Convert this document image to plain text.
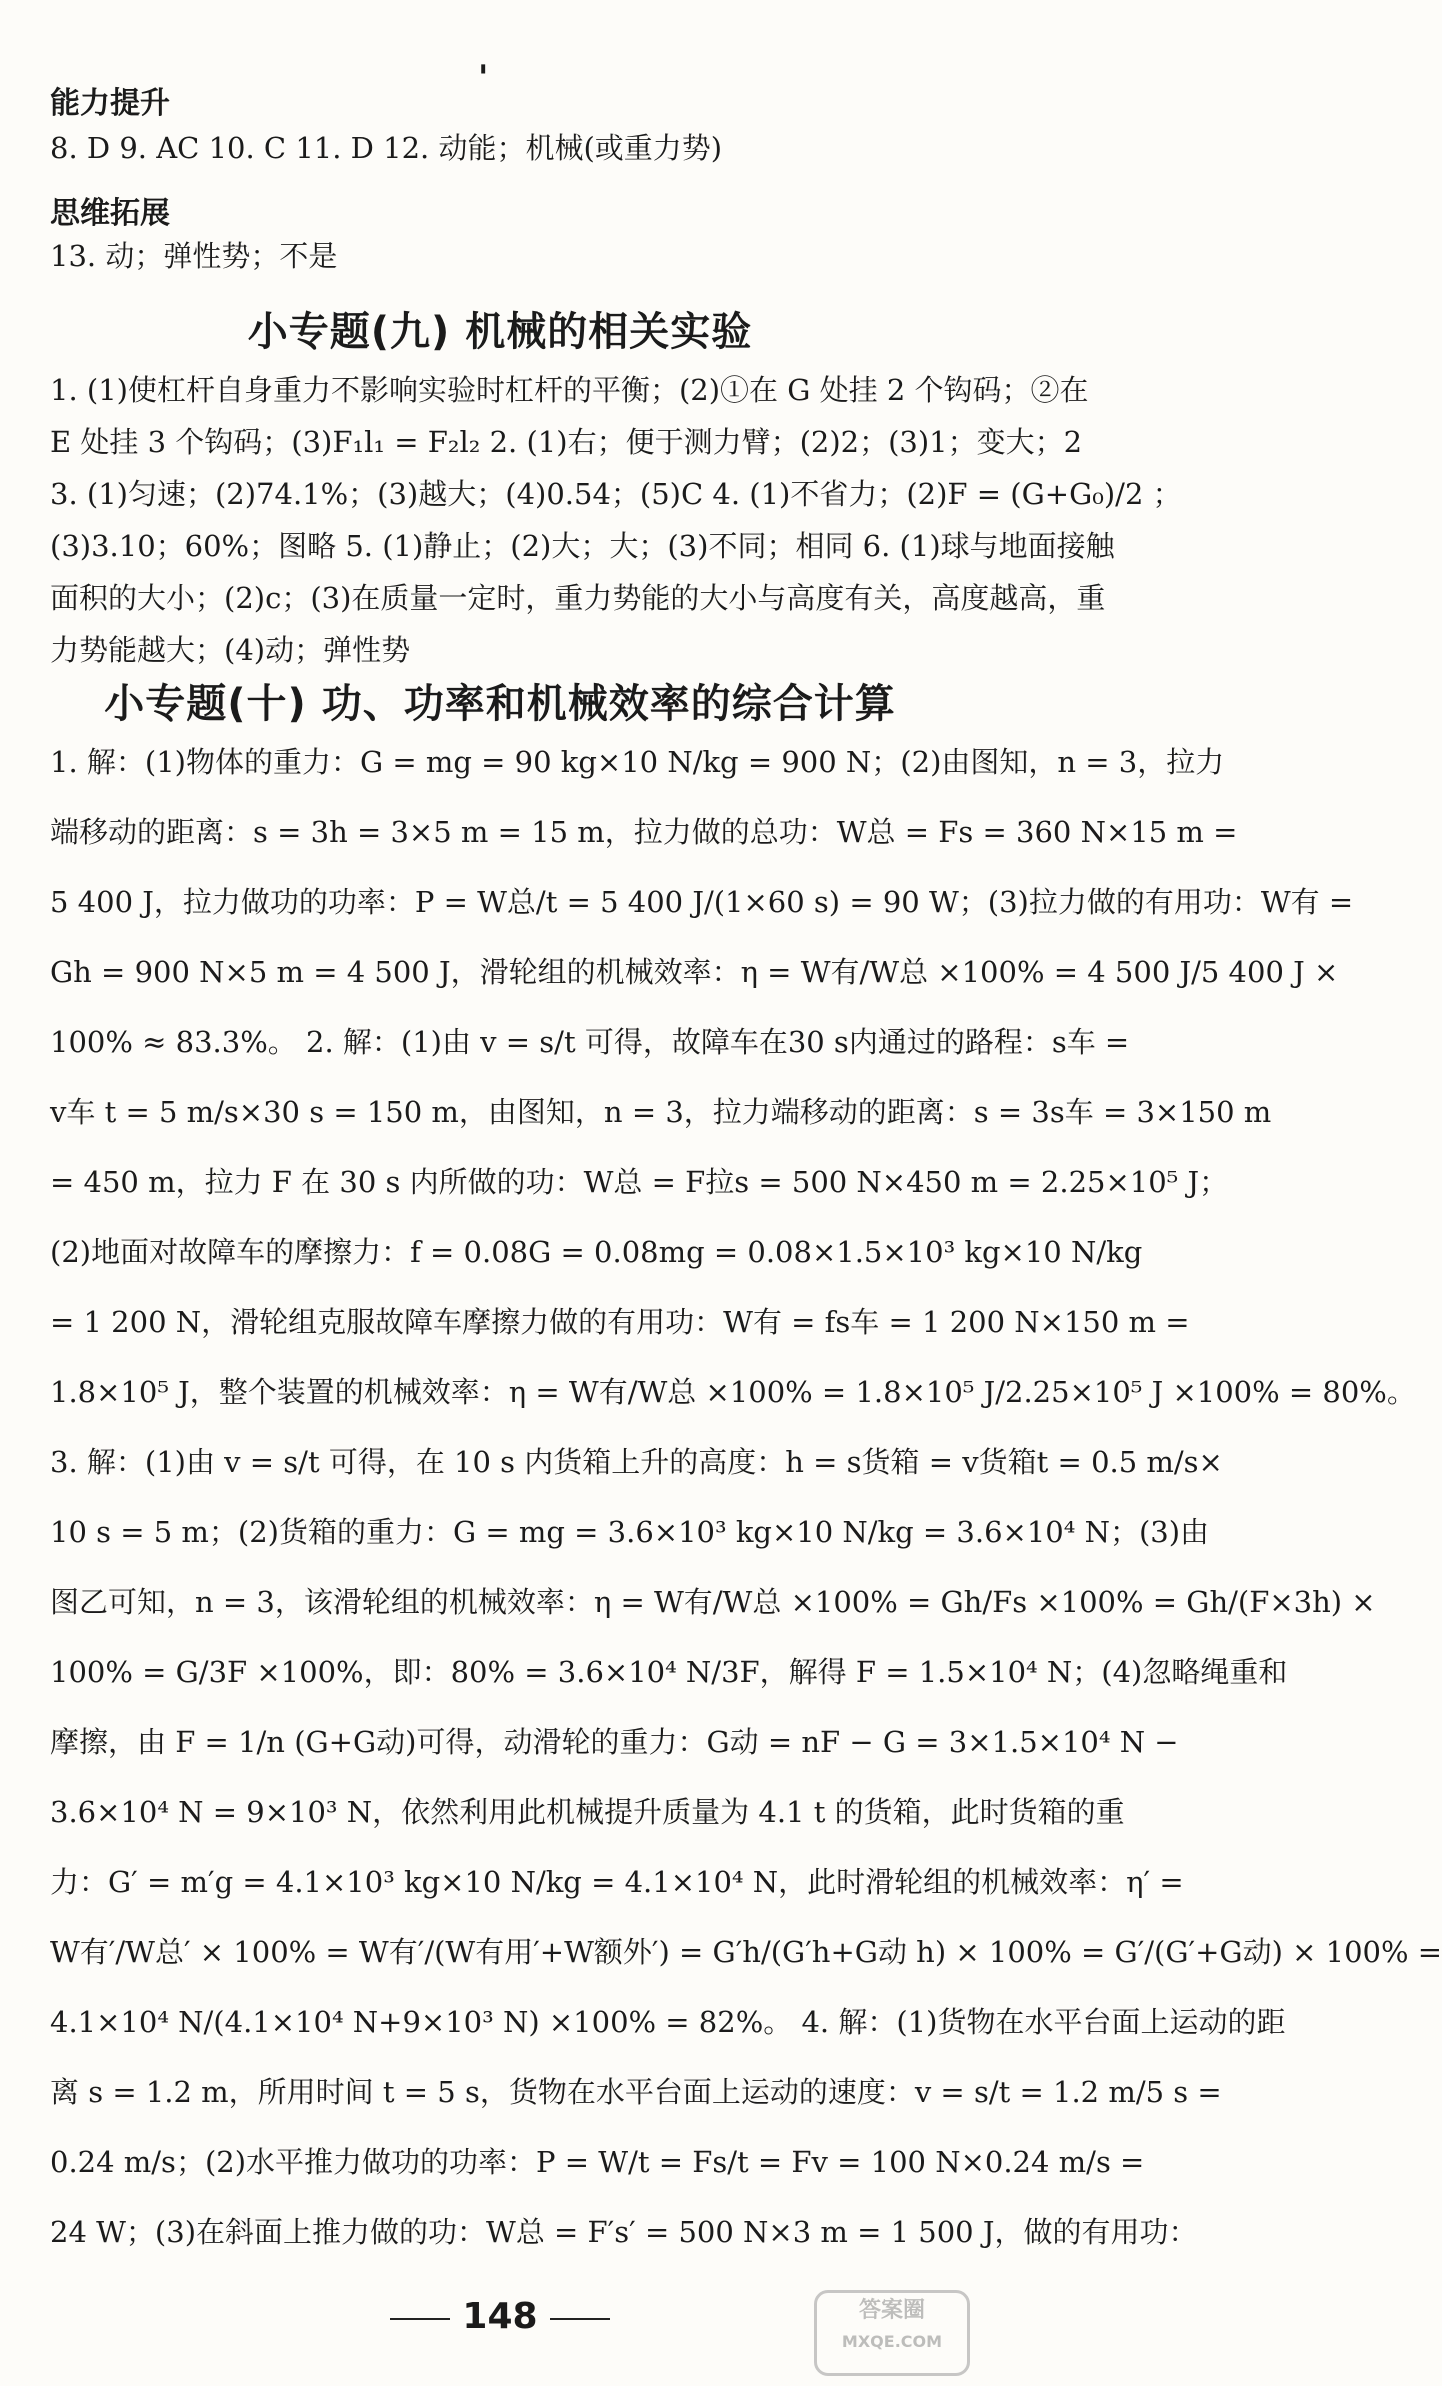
'
能力提升
8. D 9. AC 10. C 11. D 12. 动能；机械(或重力势)
思维拓展
13. 动；弹性势；不是
小专题(九) 机械的相关实验
1. (1)使杠杆自身重力不影响实验时杠杆的平衡；(2)①在 G 处挂 2 个钩码；②在
E 处挂 3 个钩码；(3)F₁l₁ = F₂l₂ 2. (1)右；便于测力臂；(2)2；(3)1；变大；2
3. (1)匀速；(2)74.1%；(3)越大；(4)0.54；(5)C 4. (1)不省力；(2)F = (G+G₀)/2 ；
(3)3.10；60%；图略 5. (1)静止；(2)大；大；(3)不同；相同 6. (1)球与地面接触
面积的大小；(2)c；(3)在质量一定时，重力势能的大小与高度有关，高度越高，重
力势能越大；(4)动；弹性势
小专题(十) 功、功率和机械效率的综合计算
1. 解：(1)物体的重力：G = mg = 90 kg×10 N/kg = 900 N；(2)由图知，n = 3，拉力
端移动的距离：s = 3h = 3×5 m = 15 m，拉力做的总功：W总 = Fs = 360 N×15 m =
5 400 J，拉力做功的功率：P = W总/t = 5 400 J/(1×60 s) = 90 W；(3)拉力做的有用功：W有 =
Gh = 900 N×5 m = 4 500 J，滑轮组的机械效率：η = W有/W总 ×100% = 4 500 J/5 400 J ×
100% ≈ 83.3%。 2. 解：(1)由 v = s/t 可得，故障车在30 s内通过的路程：s车 =
v车 t = 5 m/s×30 s = 150 m，由图知，n = 3，拉力端移动的距离：s = 3s车 = 3×150 m
= 450 m，拉力 F 在 30 s 内所做的功：W总 = F拉s = 500 N×450 m = 2.25×10⁵ J；
(2)地面对故障车的摩擦力：f = 0.08G = 0.08mg = 0.08×1.5×10³ kg×10 N/kg
= 1 200 N，滑轮组克服故障车摩擦力做的有用功：W有 = fs车 = 1 200 N×150 m =
1.8×10⁵ J，整个装置的机械效率：η = W有/W总 ×100% = 1.8×10⁵ J/2.25×10⁵ J ×100% = 80%。
3. 解：(1)由 v = s/t 可得，在 10 s 内货箱上升的高度：h = s货箱 = v货箱t = 0.5 m/s×
10 s = 5 m；(2)货箱的重力：G = mg = 3.6×10³ kg×10 N/kg = 3.6×10⁴ N；(3)由
图乙可知，n = 3，该滑轮组的机械效率：η = W有/W总 ×100% = Gh/Fs ×100% = Gh/(F×3h) ×
100% = G/3F ×100%，即：80% = 3.6×10⁴ N/3F，解得 F = 1.5×10⁴ N；(4)忽略绳重和
摩擦，由 F = 1/n (G+G动)可得，动滑轮的重力：G动 = nF − G = 3×1.5×10⁴ N −
3.6×10⁴ N = 9×10³ N，依然利用此机械提升质量为 4.1 t 的货箱，此时货箱的重
力：G′ = m′g = 4.1×10³ kg×10 N/kg = 4.1×10⁴ N，此时滑轮组的机械效率：η′ =
W有′/W总′ × 100% = W有′/(W有用′+W额外′) = G′h/(G′h+G动 h) × 100% = G′/(G′+G动) × 100% =
4.1×10⁴ N/(4.1×10⁴ N+9×10³ N) ×100% = 82%。 4. 解：(1)货物在水平台面上运动的距
离 s = 1.2 m，所用时间 t = 5 s，货物在水平台面上运动的速度：v = s/t = 1.2 m/5 s =
0.24 m/s；(2)水平推力做功的功率：P = W/t = Fs/t = Fv = 100 N×0.24 m/s =
24 W；(3)在斜面上推力做的功：W总 = F′s′ = 500 N×3 m = 1 500 J，做的有用功：
148	答案圈
MXQE.COM
